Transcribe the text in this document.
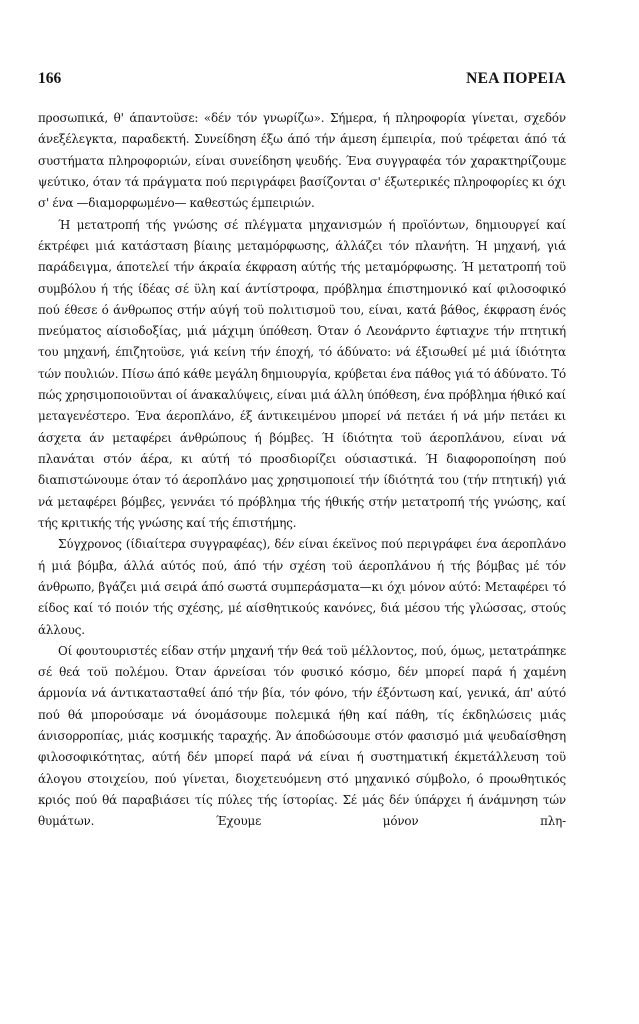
166	ΝΕΑ ΠΟΡΕΙΑ

προσωπικά, θ' άπαντοϋσε: «δέν τόν γνωρίζω». Σήμερα, ή πληροφορία γίνεται, σχεδόν άνεξέλεγκτα, παραδεκτή. Συνείδηση έξω άπό τήν άμεση έμπειρία, πού τρέφεται άπό τά συστήματα πληροφοριών, είναι συνείδηση ψευδής. Ένα συγγραφέα τόν χαρακτηρίζουμε ψεύτικο, όταν τά πράγματα πού περιγράφει βασίζονται σ' έξωτερικές πληροφορίες κι όχι σ' ένα —διαμορφωμένο— καθεστώς έμπειριών.

Ή μετατροπή τής γνώσης σέ πλέγματα μηχανισμών ή προϊόντων, δημιουργεί καί έκτρέφει μιά κατάσταση βίαιης μεταμόρφωσης, άλλάζει τόν πλανήτη. Ή μηχανή, γιά παράδειγμα, άποτελεί τήν άκραία έκφραση αύτής τής μεταμόρφωσης. Ή μετατροπή τοϋ συμβόλου ή τής ίδέας σέ ϋλη καί άντίστροφα, πρόβλημα έπιστημονικό καί φιλοσοφικό πού έθεσε ό άνθρωπος στήν αύγή τοϋ πολιτισμοϋ του, είναι, κατά βάθος, έκφραση ένός πνεύματος αίσιοδοξίας, μιά μάχιμη ύπόθεση. Όταν ό Λεονάρντο έφτιαχνε τήν πτητική του μηχανή, έπιζητοϋσε, γιά κείνη τήν έποχή, τό άδύνατο: νά έξισωθεί μέ μιά ίδιότητα τών πουλιών. Πίσω άπό κάθε μεγάλη δημιουργία, κρύβεται ένα πάθος γιά τό άδύνατο. Τό πώς χρησιμοποιοϋνται οί άνακαλύψεις, είναι μιά άλλη ύπόθεση, ένα πρόβλημα ήθικό καί μεταγενέστερο. Ένα άεροπλάνο, έξ άντικειμένου μπορεί νά πετάει ή νά μήν πετάει κι άσχετα άν μεταφέρει άνθρώπους ή βόμβες. Ή ίδιότητα τοϋ άεροπλάνου, είναι νά πλανάται στόν άέρα, κι αύτή τό προσδιορίζει ούσιαστικά. Ή διαφοροποίηση πού διαπιστώνουμε όταν τό άεροπλάνο μας χρησιμοποιεί τήν ίδιότητά του (τήν πτητική) γιά νά μεταφέρει βόμβες, γεννάει τό πρόβλημα τής ήθικής στήν μετατροπή τής γνώσης, καί τής κριτικής τής γνώσης καί τής έπιστήμης.

Σύγχρονος (ίδιαίτερα συγγραφέας), δέν είναι έκεϊνος πού περιγράφει ένα άεροπλάνο ή μιά βόμβα, άλλά αύτός πού, άπό τήν σχέση τοϋ άεροπλάνου ή τής βόμβας μέ τόν άνθρωπο, βγάζει μιά σειρά άπό σωστά συμπεράσματα—κι όχι μόνον αύτό: Μεταφέρει τό είδος καί τό ποιόν τής σχέσης, μέ αίσθητικούς κανόνες, διά μέσου τής γλώσσας, στούς άλλους.

Οί φουτουριστές είδαν στήν μηχανή τήν θεά τοϋ μέλλοντος, πού, όμως, μετατράπηκε σέ θεά τοϋ πολέμου. Όταν άρνείσαι τόν φυσικό κόσμο, δέν μπορεί παρά ή χαμένη άρμονία νά άντικατασταθεί άπό τήν βία, τόν φόνο, τήν έξόντωση καί, γενικά, άπ' αύτό πού θά μπορούσαμε νά όνομάσουμε πολεμικά ήθη καί πάθη, τίς έκδηλώσεις μιάς άνισορροπίας, μιάς κοσμικής ταραχής. Άν άποδώσουμε στόν φασισμό μιά ψευδαίσθηση φιλοσοφικότητας, αύτή δέν μπορεί παρά νά είναι ή συστηματική έκμετάλλευση τοϋ άλογου στοιχείου, πού γίνεται, διοχετευόμενη στό μηχανικό σύμβολο, ό προωθητικός κριός πού θά παραβιάσει τίς πύλες τής ίστορίας. Σέ μάς δέν ύπάρχει ή άνάμνηση τών θυμάτων. Έχουμε μόνον πλη-
